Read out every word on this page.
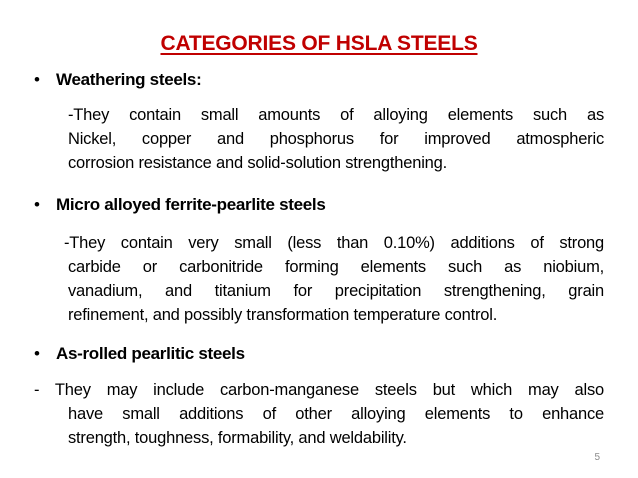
CATEGORIES OF HSLA STEELS
• Weathering steels:
-They contain small amounts of alloying elements such as
Nickel, copper and phosphorus for improved atmospheric
corrosion resistance and solid-solution strengthening.
• Micro alloyed ferrite-pearlite steels
-They contain very small (less than 0.10%) additions of strong
carbide or carbonitride forming elements such as niobium,
vanadium, and titanium for precipitation strengthening, grain
refinement, and possibly transformation temperature control.
• As-rolled pearlitic steels
- They may include carbon-manganese steels but which may also
have small additions of other alloying elements to enhance
strength, toughness, formability, and weldability.
5
